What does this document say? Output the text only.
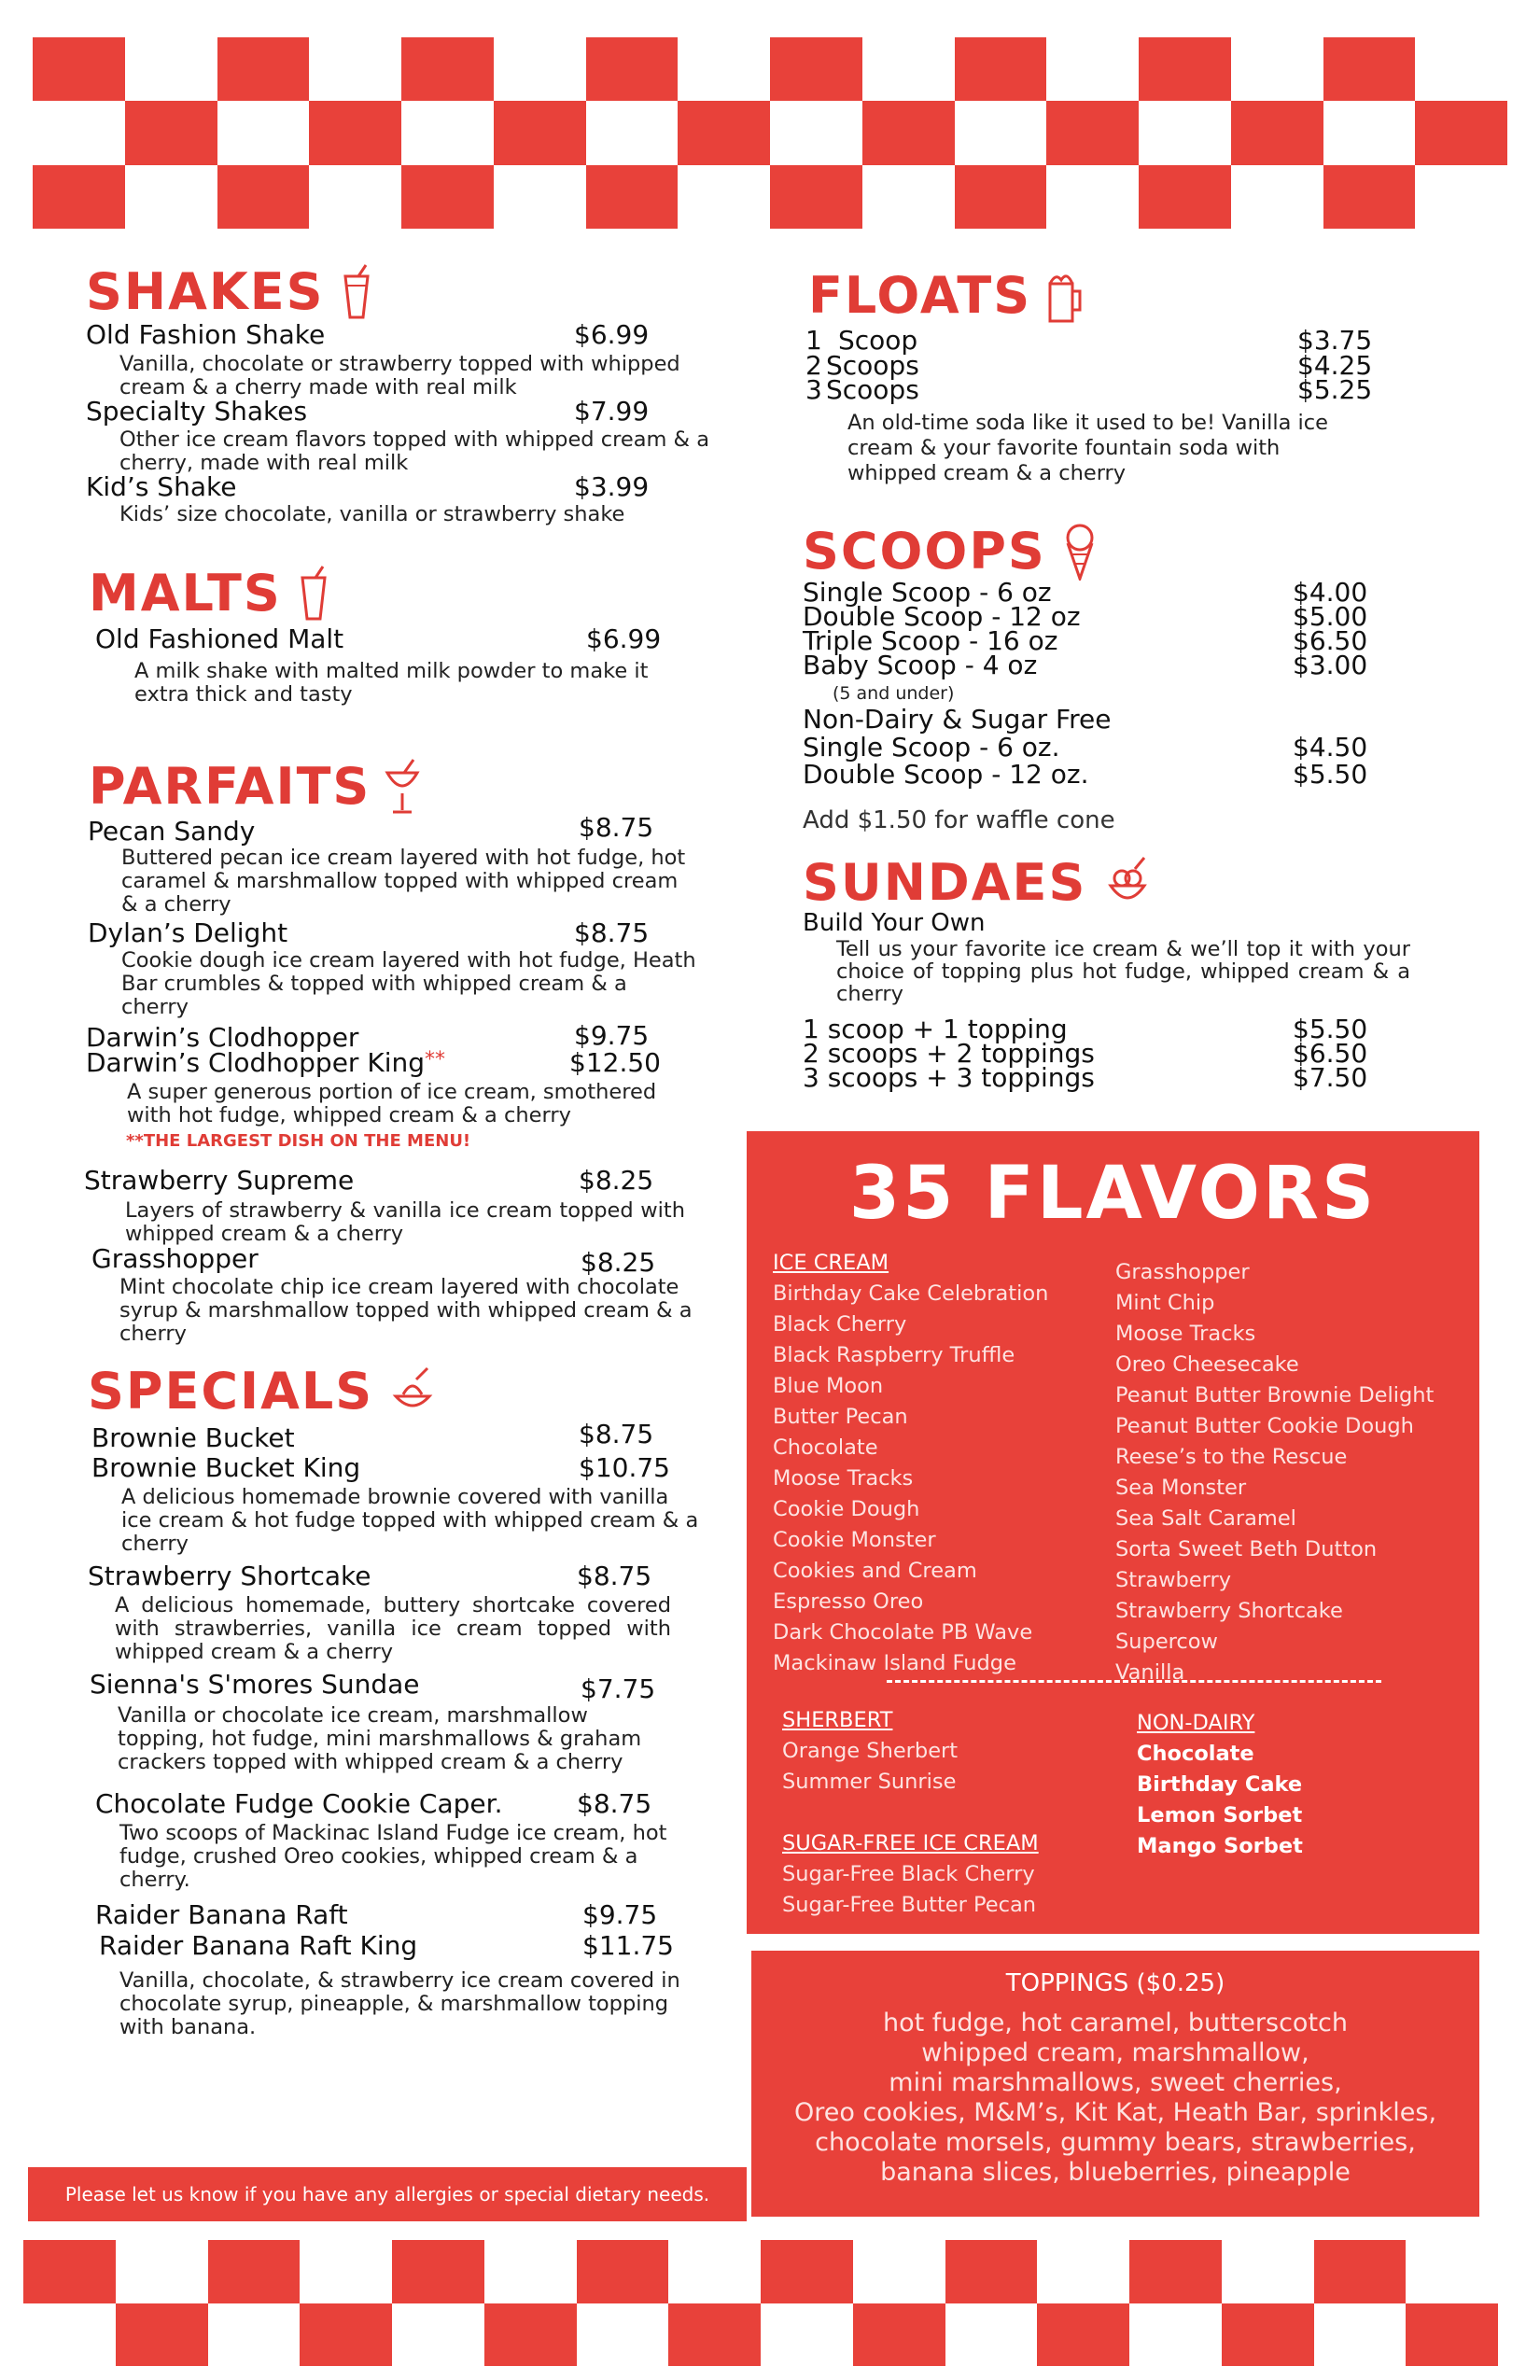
SHAKES
Old Fashion Shake	$6.99
Vanilla, chocolate or strawberry topped with whipped cream & a cherry made with real milk
Specialty Shakes	$7.99
Other ice cream flavors topped with whipped cream & a cherry, made with real milk
Kid’s Shake	$3.99
Kids’ size chocolate, vanilla or strawberry shake
MALTS
Old Fashioned Malt	$6.99
A milk shake with malted milk powder to make it extra thick and tasty
PARFAITS
Pecan Sandy	$8.75
Buttered pecan ice cream layered with hot fudge, hot caramel & marshmallow topped with whipped cream & a cherry
Dylan’s Delight	$8.75
Cookie dough ice cream layered with hot fudge, Heath Bar crumbles & topped with whipped cream & a cherry
Darwin’s Clodhopper	$9.75
Darwin’s Clodhopper King**	$12.50
A super generous portion of ice cream, smothered with hot fudge, whipped cream & a cherry
**THE LARGEST DISH ON THE MENU!
Strawberry Supreme	$8.25
Layers of strawberry & vanilla ice cream topped with whipped cream & a cherry
Grasshopper	$8.25
Mint chocolate chip ice cream layered with chocolate syrup & marshmallow topped with whipped cream & a cherry
SPECIALS
Brownie Bucket	$8.75
Brownie Bucket King	$10.75
A delicious homemade brownie covered with vanilla ice cream & hot fudge topped with whipped cream & a cherry
Strawberry Shortcake	$8.75
A delicious homemade, buttery shortcake covered with strawberries, vanilla ice cream topped with whipped cream & a cherry
Sienna's S'mores Sundae	$7.75
Vanilla or chocolate ice cream, marshmallow topping, hot fudge, mini marshmallows & graham crackers topped with whipped cream & a cherry
Chocolate Fudge Cookie Caper.	$8.75
Two scoops of Mackinac Island Fudge ice cream, hot fudge, crushed Oreo cookies, whipped cream & a cherry.
Raider Banana Raft	$9.75
Raider Banana Raft King	$11.75
Vanilla, chocolate, & strawberry ice cream covered in chocolate syrup, pineapple, & marshmallow topping with banana.
Please let us know if you have any allergies or special dietary needs.
FLOATS
1 Scoop	$3.75
2 Scoops	$4.25
3 Scoops	$5.25
An old-time soda like it used to be! Vanilla ice cream & your favorite fountain soda with whipped cream & a cherry
SCOOPS
Single Scoop - 6 oz	$4.00
Double Scoop - 12 oz	$5.00
Triple Scoop - 16 oz	$6.50
Baby Scoop - 4 oz	$3.00
(5 and under)
Non-Dairy & Sugar Free
Single Scoop - 6 oz.	$4.50
Double Scoop - 12 oz.	$5.50
Add $1.50 for waffle cone
SUNDAES
Build Your Own
Tell us your favorite ice cream & we’ll top it with your choice of topping plus hot fudge, whipped cream & a cherry
1 scoop + 1 topping	$5.50
2 scoops + 2 toppings	$6.50
3 scoops + 3 toppings	$7.50
35 FLAVORS
ICE CREAM
Birthday Cake Celebration
Black Cherry
Black Raspberry Truffle
Blue Moon
Butter Pecan
Chocolate
Moose Tracks
Cookie Dough
Cookie Monster
Cookies and Cream
Espresso Oreo
Dark Chocolate PB Wave
Mackinaw Island Fudge
Grasshopper
Mint Chip
Moose Tracks
Oreo Cheesecake
Peanut Butter Brownie Delight
Peanut Butter Cookie Dough
Reese’s to the Rescue
Sea Monster
Sea Salt Caramel
Sorta Sweet Beth Dutton
Strawberry
Strawberry Shortcake
Supercow
Vanilla
SHERBERT
Orange Sherbert
Summer Sunrise
SUGAR-FREE ICE CREAM
Sugar-Free Black Cherry
Sugar-Free Butter Pecan
NON-DAIRY
Chocolate
Birthday Cake
Lemon Sorbet
Mango Sorbet
TOPPINGS ($0.25)
hot fudge, hot caramel, butterscotch
whipped cream, marshmallow,
mini marshmallows, sweet cherries,
Oreo cookies, M&M’s, Kit Kat, Heath Bar, sprinkles,
chocolate morsels, gummy bears, strawberries,
banana slices, blueberries, pineapple
